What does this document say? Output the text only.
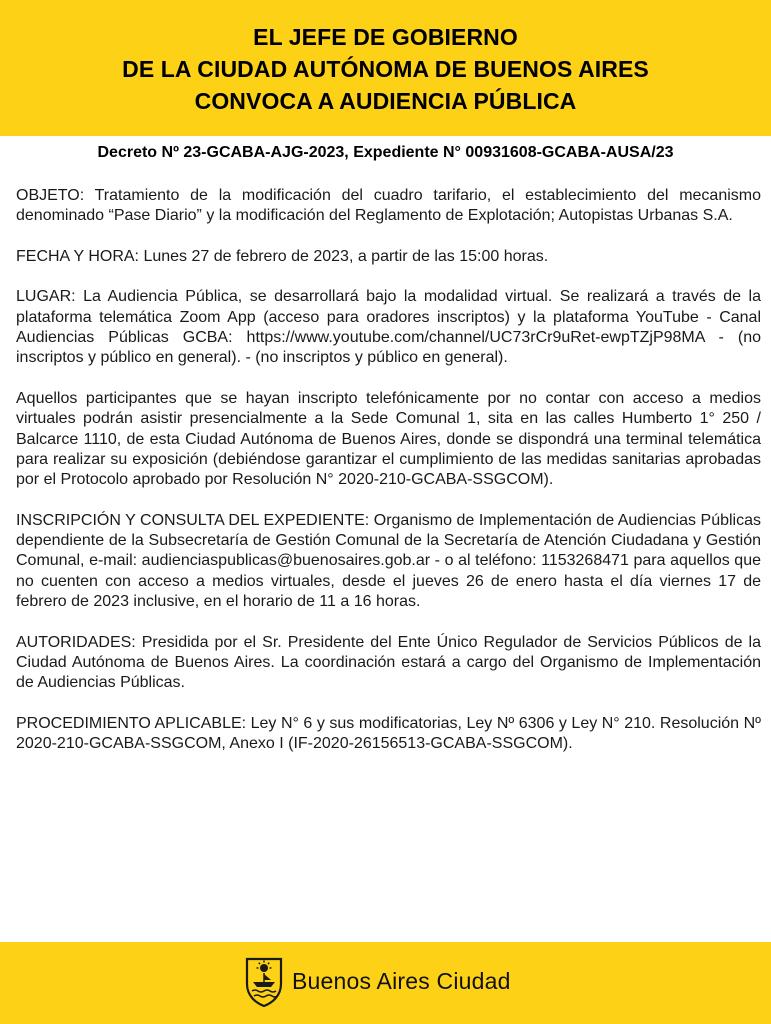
EL JEFE DE GOBIERNO
DE LA CIUDAD AUTÓNOMA DE BUENOS AIRES
CONVOCA A AUDIENCIA PÚBLICA
Decreto Nº 23-GCABA-AJG-2023, Expediente N° 00931608-GCABA-AUSA/23

OBJETO: Tratamiento de la modificación del cuadro tarifario, el establecimiento del mecanismo denominado “Pase Diario” y la modificación del Reglamento de Explotación; Autopistas Urbanas S.A.

FECHA Y HORA: Lunes 27 de febrero de 2023, a partir de las 15:00 horas.

LUGAR: La Audiencia Pública, se desarrollará bajo la modalidad virtual. Se realizará a través de la plataforma telemática Zoom App (acceso para oradores inscriptos) y la plataforma YouTube - Canal Audiencias Públicas GCBA: https://www.youtube.com/channel/UC73rCr9uRet-ewpTZjP98MA - (no inscriptos y público en general). - (no inscriptos y público en general).

Aquellos participantes que se hayan inscripto telefónicamente por no contar con acceso a medios virtuales podrán asistir presencialmente a la Sede Comunal 1, sita en las calles Humberto 1° 250 / Balcarce 1110, de esta Ciudad Autónoma de Buenos Aires, donde se dispondrá una terminal telemática para realizar su exposición (debiéndose garantizar el cumplimiento de las medidas sanitarias aprobadas por el Protocolo aprobado por Resolución N° 2020-210-GCABA-SSGCOM).

INSCRIPCIÓN Y CONSULTA DEL EXPEDIENTE: Organismo de Implementación de Audiencias Públicas dependiente de la Subsecretaría de Gestión Comunal de la Secretaría de Atención Ciudadana y Gestión Comunal, e-mail: audienciaspublicas@buenosaires.gob.ar - o al teléfono: 1153268471 para aquellos que no cuenten con acceso a medios virtuales, desde el jueves 26 de enero hasta el día viernes 17 de febrero de 2023 inclusive, en el horario de 11 a 16 horas.

AUTORIDADES: Presidida por el Sr. Presidente del Ente Único Regulador de Servicios Públicos de la Ciudad Autónoma de Buenos Aires. La coordinación estará a cargo del Organismo de Implementación de Audiencias Públicas.

PROCEDIMIENTO APLICABLE: Ley N° 6 y sus modificatorias, Ley Nº 6306 y Ley N° 210. Resolución Nº 2020-210-GCABA-SSGCOM, Anexo I (IF-2020-26156513-GCABA-SSGCOM).

Buenos Aires Ciudad
